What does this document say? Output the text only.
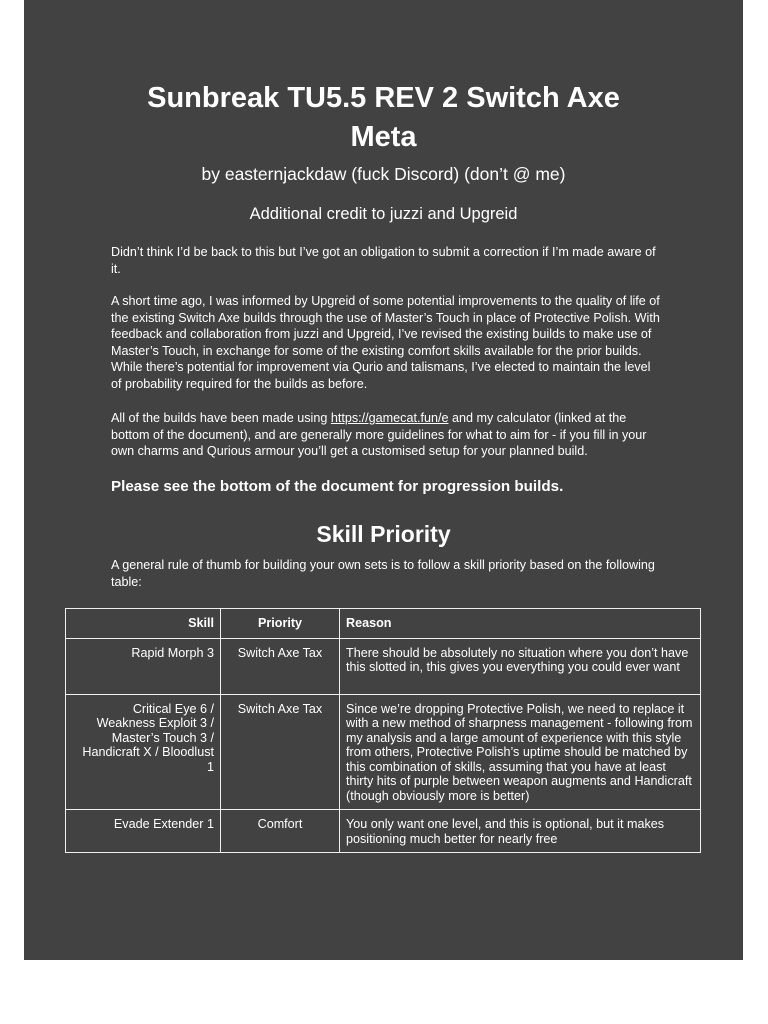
Sunbreak TU5.5 REV 2 Switch Axe
Meta
by easternjackdaw (fuck Discord) (don’t @ me)
Additional credit to juzzi and Upgreid

Didn’t think I’d be back to this but I’ve got an obligation to submit a correction if I’m made aware of it.

A short time ago, I was informed by Upgreid of some potential improvements to the quality of life of the existing Switch Axe builds through the use of Master’s Touch in place of Protective Polish. With feedback and collaboration from juzzi and Upgreid, I’ve revised the existing builds to make use of Master’s Touch, in exchange for some of the existing comfort skills available for the prior builds. While there’s potential for improvement via Qurio and talismans, I’ve elected to maintain the level of probability required for the builds as before.

All of the builds have been made using https://gamecat.fun/e and my calculator (linked at the bottom of the document), and are generally more guidelines for what to aim for - if you fill in your own charms and Qurious armour you’ll get a customised setup for your planned build.

Please see the bottom of the document for progression builds.
Skill Priority

A general rule of thumb for building your own sets is to follow a skill priority based on the following table:

Skill	Priority	Reason
Rapid Morph 3	Switch Axe Tax	There should be absolutely no situation where you don’t have this slotted in, this gives you everything you could ever want
Critical Eye 6 / Weakness Exploit 3 / Master’s Touch 3 / Handicraft X / Bloodlust 1	Switch Axe Tax	Since we’re dropping Protective Polish, we need to replace it with a new method of sharpness management - following from my analysis and a large amount of experience with this style from others, Protective Polish’s uptime should be matched by this combination of skills, assuming that you have at least thirty hits of purple between weapon augments and Handicraft (though obviously more is better)
Evade Extender 1	Comfort	You only want one level, and this is optional, but it makes positioning much better for nearly free
